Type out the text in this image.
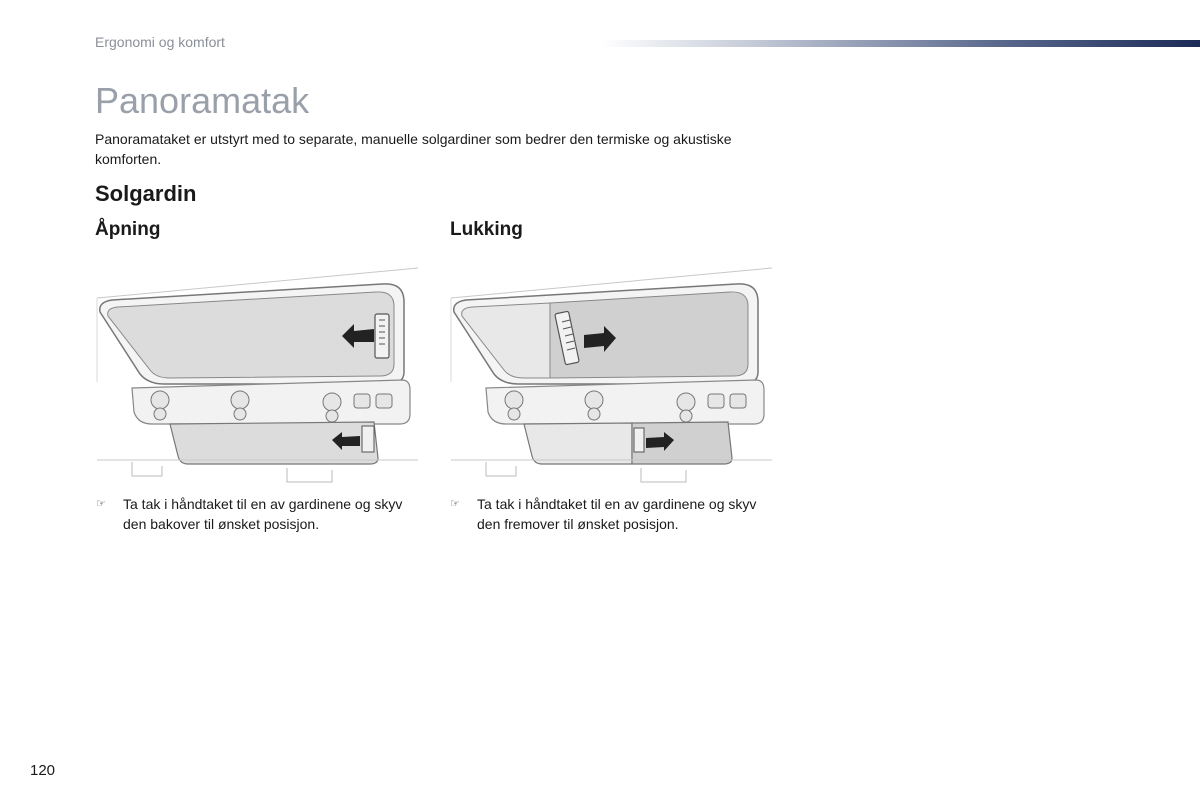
Ergonomi og komfort
Panoramatak

Panoramataket er utstyrt med to separate, manuelle solgardiner som bedrer den termiske og akustiske komforten.

Solgardin
Åpning	Lukking
☞	Ta tak i håndtaket til en av gardinene og skyv den bakover til ønsket posisjon.
☞	Ta tak i håndtaket til en av gardinene og skyv den fremover til ønsket posisjon.
120
